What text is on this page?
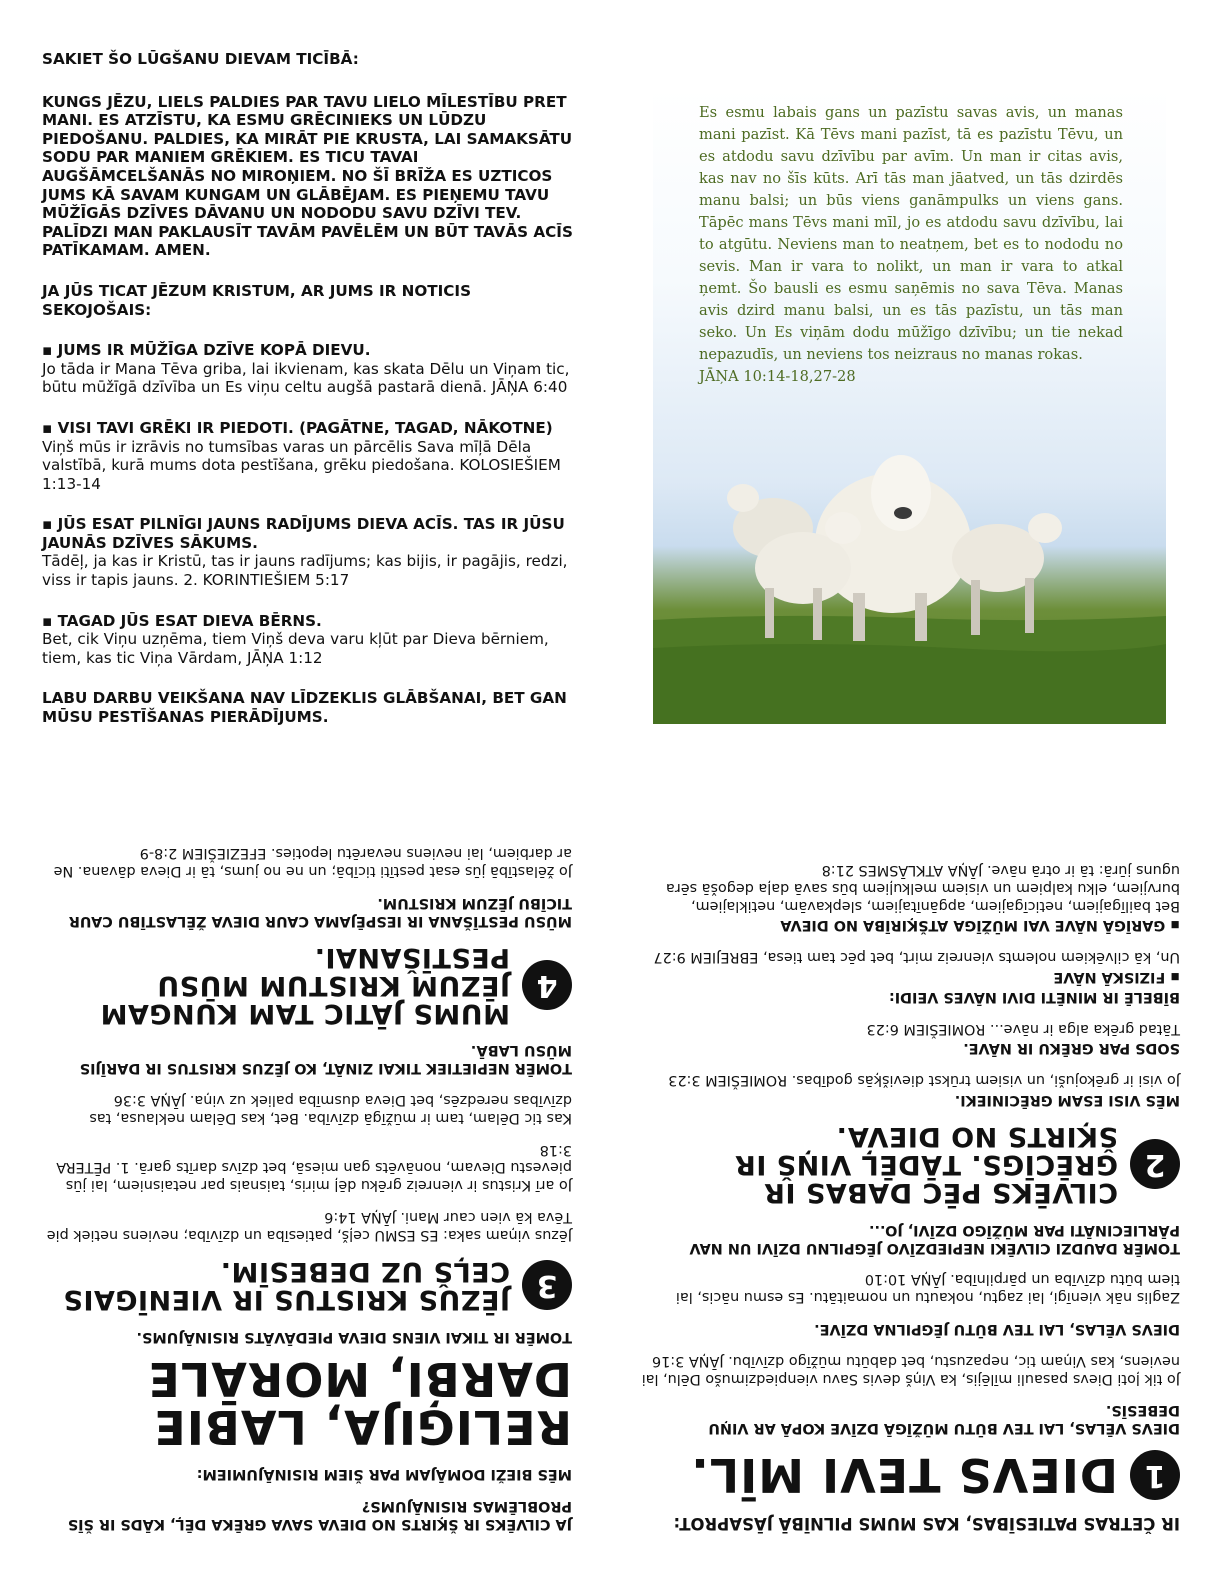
SAKIET ŠO LŪGŠANU DIEVAM TICĪBĀ:

KUNGS JĒZU, LIELS PALDIES PAR TAVU LIELO MĪLESTĪBU PRET MANI. ES ATZĪSTU, KA ESMU GRĒCINIEKS UN LŪDZU PIEDOŠANU. PALDIES, KA MIRĀT PIE KRUSTA, LAI SAMAKSĀTU SODU PAR MANIEM GRĒKIEM. ES TICU TAVAI AUGŠĀMCELŠANĀS NO MIROŅIEM. NO ŠĪ BRĪŽA ES UZTICOS JUMS KĀ SAVAM KUNGAM UN GLĀBĒJAM. ES PIEŅEMU TAVU MŪŽĪGĀS DZĪVES DĀVANU UN NODODU SAVU DZĪVI TEV. PALĪDZI MAN PAKLAUSĪT TAVĀM PAVĒLĒM UN BŪT TAVĀS ACĪS PATĪKAMAM. AMEN.

JA JŪS TICAT JĒZUM KRISTUM, AR JUMS IR NOTICIS SEKOJOŠAIS:

▪ JUMS IR MŪŽĪGA DZĪVE KOPĀ DIEVU.
Jo tāda ir Mana Tēva griba, lai ikvienam, kas skata Dēlu un Viņam tic, būtu mūžīgā dzīvība un Es viņu celtu augšā pastarā dienā. JĀŅA 6:40

▪ VISI TAVI GRĒKI IR PIEDOTI. (PAGĀTNE, TAGAD, NĀKOTNE)
Viņš mūs ir izrāvis no tumsības varas un pārcēlis Sava mīļā Dēla valstībā, kurā mums dota pestīšana, grēku piedošana. KOLOSIEŠIEM 1:13-14

▪ JŪS ESAT PILNĪGI JAUNS RADĪJUMS DIEVA ACĪS. TAS IR JŪSU JAUNĀS DZĪVES SĀKUMS.
Tādēļ, ja kas ir Kristū, tas ir jauns radījums; kas bijis, ir pagājis, redzi, viss ir tapis jauns. 2. KORINTIEŠIEM 5:17

▪ TAGAD JŪS ESAT DIEVA BĒRNS.
Bet, cik Viņu uzņēma, tiem Viņš deva varu kļūt par Dieva bērniem, tiem, kas tic Viņa Vārdam, JĀŅA 1:12

LABU DARBU VEIKŠANA NAV LĪDZEKLIS GLĀBŠANAI, BET GAN MŪSU PESTĪŠANAS PIERĀDĪJUMS.

Es esmu labais gans un pazīstu savas avis, un manas mani pazīst. Kā Tēvs mani pazīst, tā es pazīstu Tēvu, un es atdodu savu dzīvību par avīm. Un man ir citas avis, kas nav no šīs kūts. Arī tās man jāatved, un tās dzirdēs manu balsi; un būs viens ganāmpulks un viens gans. Tāpēc mans Tēvs mani mīl, jo es atdodu savu dzīvību, lai to atgūtu. Neviens man to neatņem, bet es to nododu no sevis. Man ir vara to nolikt, un man ir vara to atkal ņemt. Šo bausli es esmu saņēmis no sava Tēva. Manas avis dzird manu balsi, un es tās pazīstu, un tās man seko. Un Es viņām dodu mūžīgo dzīvību; un tie nekad nepazudīs, un neviens tos neizraus no manas rokas.
JĀŅA 10:14-18,27-28

JA CILVĒKS IR ŠĶIRTS NO DIEVA SAVA GRĒKA DĒĻ, KĀDS IR ŠĪS PROBLĒMAS RISINĀJUMS?

MĒS BIEŽI DOMĀJAM PAR ŠIEM RISINĀJUMIEM:

RELIĢIJA, LABIE DARBI, MORĀLE

TOMĒR IR TIKAI VIENS DIEVA PIEDĀVĀTS RISINĀJUMS.

3
JĒZUS KRISTUS IR VIENĪGAIS CEĻŠ UZ DEBESĪM.

Jēzus viņam saka: ES ESMU ceļš, patiesība un dzīvība; neviens netiek pie Tēva kā vien caur Mani. JĀŅA 14:6

Jo arī Kristus ir vienreiz grēku dēļ miris, taisnais par netaisniem, lai jūs pievestu Dievam, nonāvēts gan miesā, bet dzīvs darīts garā. 1. PĒTERA 3:18

Kas tic Dēlam, tam ir mūžīgā dzīvība. Bet, kas Dēlam neklausa, tas dzīvības neredzēs, bet Dieva dusmība paliek uz viņa. JĀŅA 3:36

TOMĒR NEPIETIEK TIKAI ZINĀT, KO JĒZUS KRISTUS IR DARĪJIS MŪSU LABĀ.

4
MUMS JĀTIC TAM KUNGAM JĒZUM KRISTUM MŪSU PESTĪŠANAI.

MŪSU PESTĪŠANA IR IESPĒJAMA CAUR DIEVA ŽĒLASTĪBU CAUR TICĪBU JĒZUM KRISTUM.

Jo žēlastībā jūs esat pestīti ticībā; un ne no jums, tā ir Dieva dāvana. Ne ar darbiem, lai neviens nevarētu lepoties. EFEZIEŠIEM 2:8-9

IR ČETRAS PATIESĪBAS, KAS MUMS PILNĪBĀ JĀSAPROT:

1
DIEVS TEVI MĪL.

DIEVS VĒLAS, LAI TEV BŪTU MŪŽĪGĀ DZĪVE KOPĀ AR VIŅU DEBESĪS.

Jo tik ļoti Dievs pasauli mīlējis, ka Viņš devis Savu vienpiedzimušo Dēlu, lai neviens, kas Viņam tic, nepazustu, bet dabūtu mūžīgo dzīvību. JĀŅA 3:16

DIEVS VĒLAS, LAI TEV BŪTU JĒGPILNA DZĪVE.

Zaglis nāk vienīgi, lai zagtu, nokautu un nomaitātu. Es esmu nācis, lai tiem būtu dzīvība un pārpilnība. JĀŅA 10:10

TOMĒR DAUDZI CILVĒKI NEPIEDZĪVO JĒGPILNU DZĪVI UN NAV PĀRLIECINĀTI PAR MŪŽĪGO DZĪVI, JO...

2
CILVĒKS PĒC DABAS IR GRĒCĪGS. TĀDĒĻ VIŅŠ IR ŠĶIRTS NO DIEVA.

MĒS VISI ESAM GRĒCINIEKI.

Jo visi ir grēkojuši, un visiem trūkst dievišķās godības. ROMIEŠIEM 3:23

SODS PAR GRĒKU IR NĀVE.

Tātad grēka alga ir nāve... ROMIEŠIEM 6:23

BĪBELĒ IR MINĒTI DIVI NĀVES VEIDI:

▪ FIZISKĀ NĀVE

Un, kā cilvēkiem nolemts vienreiz mirt, bet pēc tam tiesa, EBREJIEM 9:27

▪ GARĪGĀ NĀVE VAI MŪŽĪGA ATŠĶIRĪBA NO DIEVA

Bet bailīgajiem, neticīgajiem, apgānītajiem, slepkavām, netiklajiem, burvjiem, elku kalpiem un visiem melkuļiem būs savā daļa degošā sēra uguns jūrā: tā ir otrā nāve. JĀŅA ATKLĀSMES 21:8
